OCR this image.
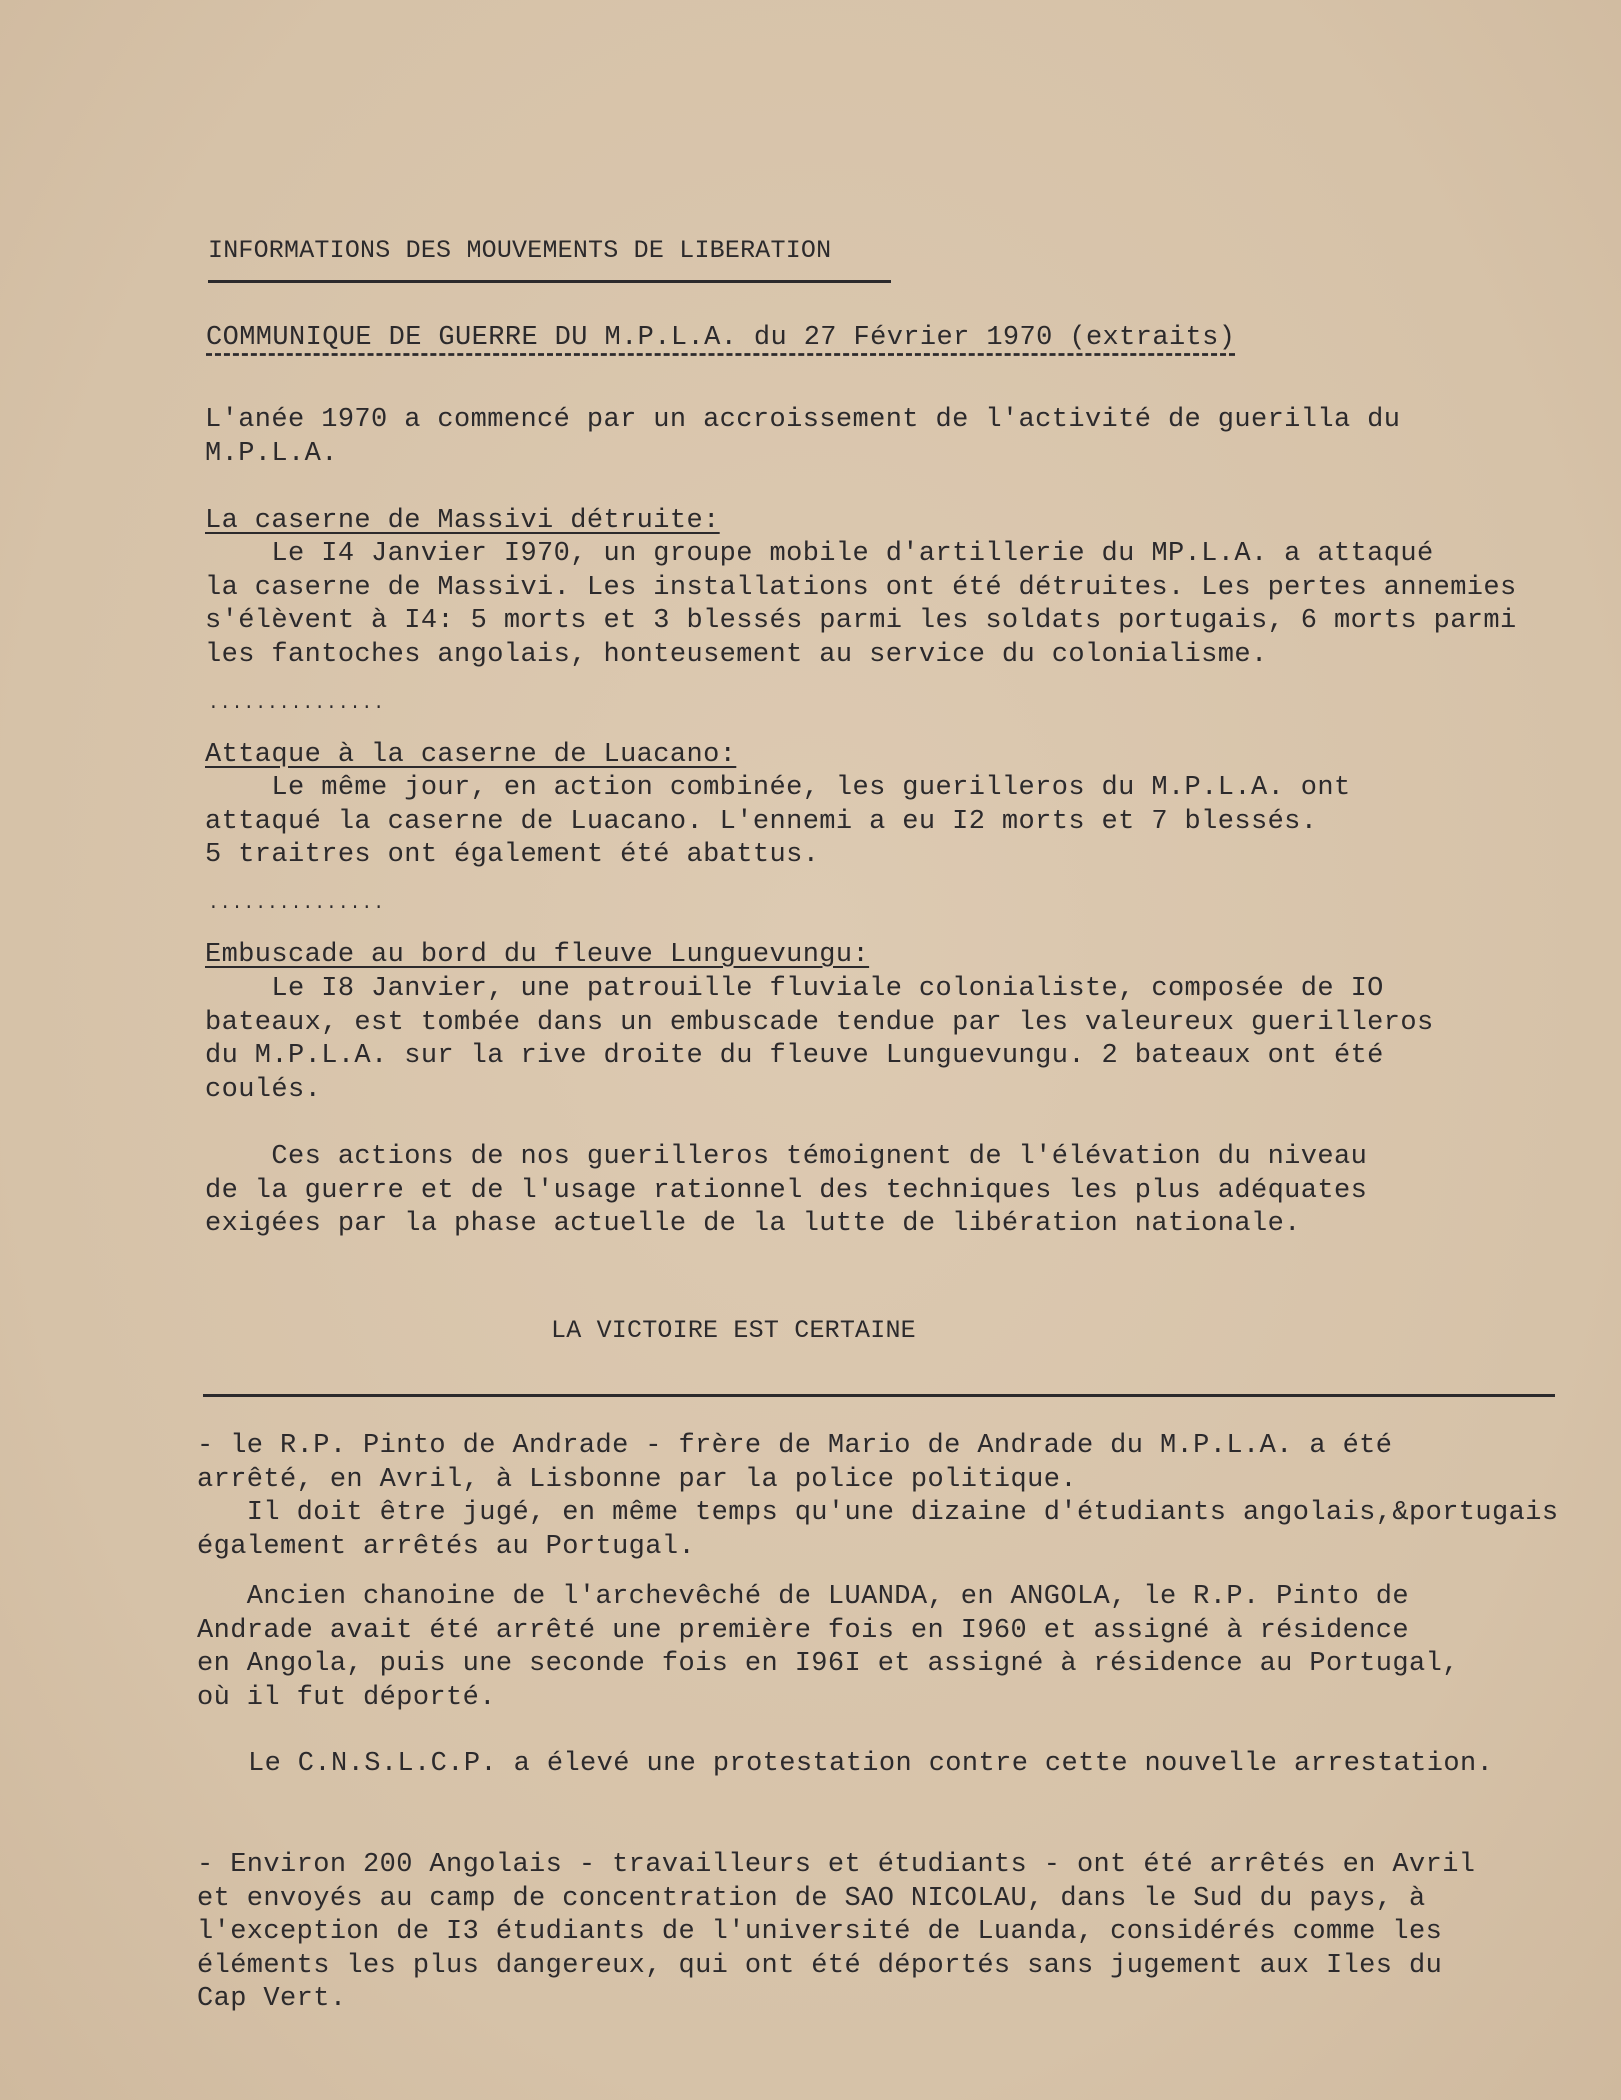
INFORMATIONS DES MOUVEMENTS DE LIBERATION
COMMUNIQUE DE GUERRE DU M.P.L.A. du 27 Février 1970 (extraits)
L'anée 1970 a commencé par un accroissement de l'activité de guerilla du
M.P.L.A.
La caserne de Massivi détruite:
Le I4 Janvier I970, un groupe mobile d'artillerie du MP.L.A. a attaqué
la caserne de Massivi. Les installations ont été détruites. Les pertes annemies
s'élèvent à I4: 5 morts et 3 blessés parmi les soldats portugais, 6 morts parmi
les fantoches angolais, honteusement au service du colonialisme.
...............
Attaque à la caserne de Luacano:
Le même jour, en action combinée, les guerilleros du M.P.L.A. ont
attaqué la caserne de Luacano. L'ennemi a eu I2 morts et 7 blessés.
5 traitres ont également été abattus.
...............
Embuscade au bord du fleuve Lunguevungu:
Le I8 Janvier, une patrouille fluviale colonialiste, composée de IO
bateaux, est tombée dans un embuscade tendue par les valeureux guerilleros
du M.P.L.A. sur la rive droite du fleuve Lunguevungu. 2 bateaux ont été
coulés.
Ces actions de nos guerilleros témoignent de l'élévation du niveau
de la guerre et de l'usage rationnel des techniques les plus adéquates
exigées par la phase actuelle de la lutte de libération nationale.
LA VICTOIRE EST CERTAINE
- le R.P. Pinto de Andrade - frère de Mario de Andrade du M.P.L.A. a été
arrêté, en Avril, à Lisbonne par la police politique.
Il doit être jugé, en même temps qu'une dizaine d'étudiants angolais,&portugais
également arrêtés au Portugal.
Ancien chanoine de l'archevêché de LUANDA, en ANGOLA, le R.P. Pinto de
Andrade avait été arrêté une première fois en I960 et assigné à résidence
en Angola, puis une seconde fois en I96I et assigné à résidence au Portugal,
où il fut déporté.
Le C.N.S.L.C.P. a élevé une protestation contre cette nouvelle arrestation.
- Environ 200 Angolais - travailleurs et étudiants - ont été arrêtés en Avril
et envoyés au camp de concentration de SAO NICOLAU, dans le Sud du pays, à
l'exception de I3 étudiants de l'université de Luanda, considérés comme les
éléments les plus dangereux, qui ont été déportés sans jugement aux Iles du
Cap Vert.
